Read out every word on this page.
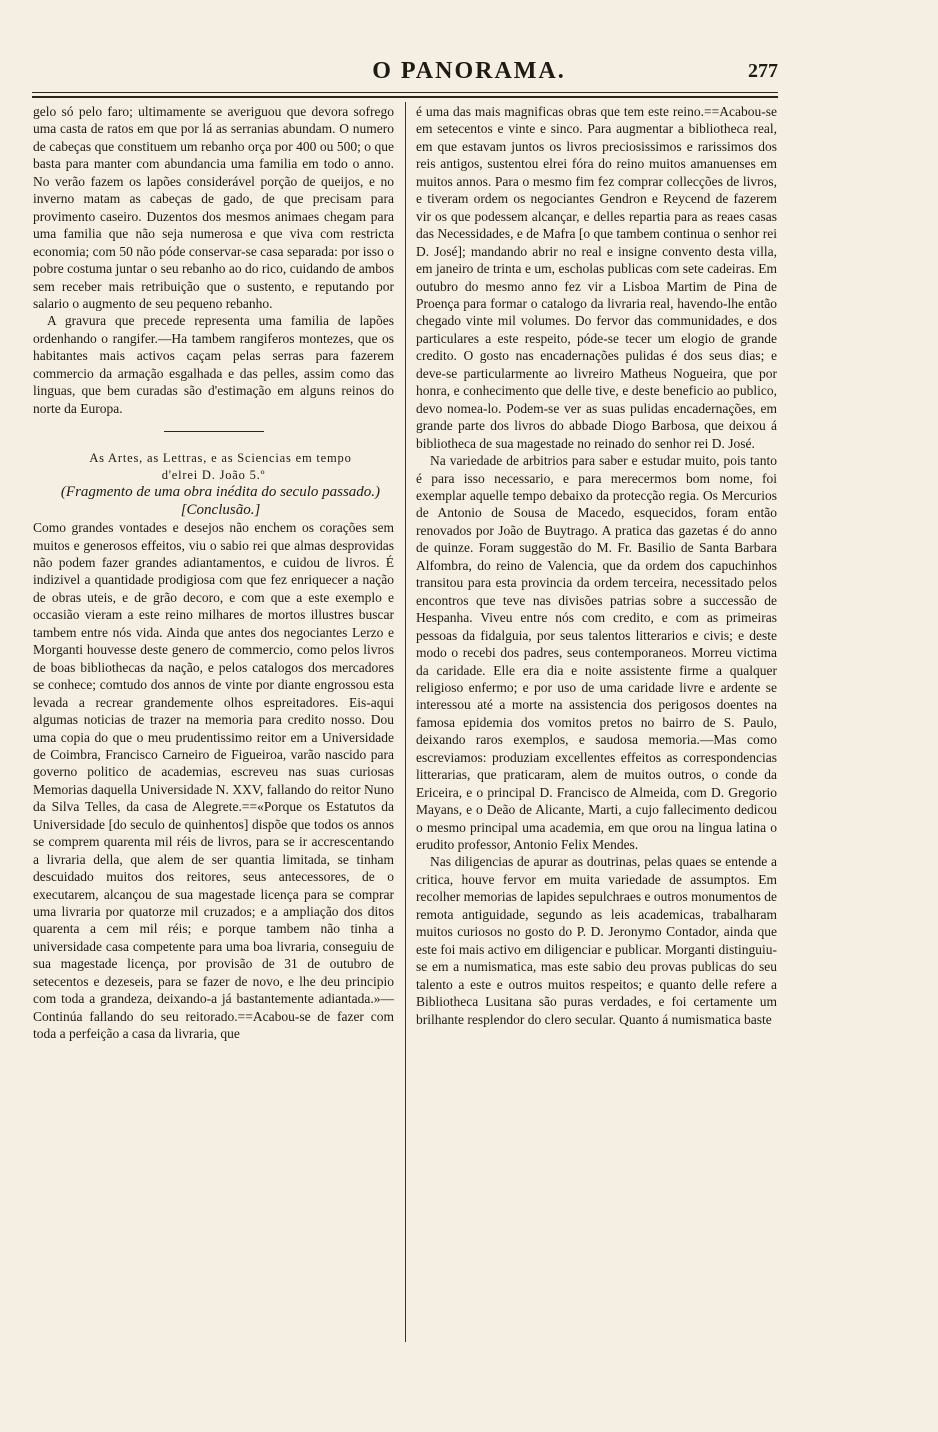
O PANORAMA.	277

gelo só pelo faro; ultimamente se averiguou que devora sofrego uma casta de ratos em que por lá as serranias abundam. O numero de cabeças que constituem um rebanho orça por 400 ou 500; o que basta para manter com abundancia uma familia em todo o anno. No verão fazem os lapões considerável porção de queijos, e no inverno matam as cabeças de gado, de que precisam para provimento caseiro. Duzentos dos mesmos animaes chegam para uma familia que não seja numerosa e que viva com restricta economia; com 50 não póde conservar-se casa separada: por isso o pobre costuma juntar o seu rebanho ao do rico, cuidando de ambos sem receber mais retribuição que o sustento, e reputando por salario o augmento de seu pequeno rebanho.

A gravura que precede representa uma familia de lapões ordenhando o rangifer.—Ha tambem rangiferos montezes, que os habitantes mais activos caçam pelas serras para fazerem commercio da armação esgalhada e das pelles, assim como das linguas, que bem curadas são d'estimação em alguns reinos do norte da Europa.

As Artes, as Lettras, e as Sciencias em tempo
d'elrei D. João 5.º

(Fragmento de uma obra inédita do seculo passado.)

[Conclusão.]

Como grandes vontades e desejos não enchem os corações sem muitos e generosos effeitos, viu o sabio rei que almas desprovidas não podem fazer grandes adiantamentos, e cuidou de livros. É indizivel a quantidade prodigiosa com que fez enriquecer a nação de obras uteis, e de grão decoro, e com que a este exemplo e occasião vieram a este reino milhares de mortos illustres buscar tambem entre nós vida. Ainda que antes dos negociantes Lerzo e Morganti houvesse deste genero de commercio, como pelos livros de boas bibliothecas da nação, e pelos catalogos dos mercadores se conhece; comtudo dos annos de vinte por diante engrossou esta levada a recrear grandemente olhos espreitadores. Eis-aqui algumas noticias de trazer na memoria para credito nosso. Dou uma copia do que o meu prudentissimo reitor em a Universidade de Coimbra, Francisco Carneiro de Figueiroa, varão nascido para governo politico de academias, escreveu nas suas curiosas Memorias daquella Universidade N. XXV, fallando do reitor Nuno da Silva Telles, da casa de Alegrete.==«Porque os Estatutos da Universidade [do seculo de quinhentos] dispõe que todos os annos se comprem quarenta mil réis de livros, para se ir accrescentando a livraria della, que alem de ser quantia limitada, se tinham descuidado muitos dos reitores, seus antecessores, de o executarem, alcançou de sua magestade licença para se comprar uma livraria por quatorze mil cruzados; e a ampliação dos ditos quarenta a cem mil réis; e porque tambem não tinha a universidade casa competente para uma boa livraria, conseguiu de sua magestade licença, por provisão de 31 de outubro de setecentos e dezeseis, para se fazer de novo, e lhe deu principio com toda a grandeza, deixando-a já bastantemente adiantada.»—Continúa fallando do seu reitorado.==Acabou-se de fazer com toda a perfeição a casa da livraria, que

é uma das mais magnificas obras que tem este reino.==Acabou-se em setecentos e vinte e sinco. Para augmentar a bibliotheca real, em que estavam juntos os livros preciosissimos e rarissimos dos reis antigos, sustentou elrei fóra do reino muitos amanuenses em muitos annos. Para o mesmo fim fez comprar collecções de livros, e tiveram ordem os negociantes Gendron e Reycend de fazerem vir os que podessem alcançar, e delles repartia para as reaes casas das Necessidades, e de Mafra [o que tambem continua o senhor rei D. José]; mandando abrir no real e insigne convento desta villa, em janeiro de trinta e um, escholas publicas com sete cadeiras. Em outubro do mesmo anno fez vir a Lisboa Martim de Pina de Proença para formar o catalogo da livraria real, havendo-lhe então chegado vinte mil volumes. Do fervor das communidades, e dos particulares a este respeito, póde-se tecer um elogio de grande credito. O gosto nas encadernações pulidas é dos seus dias; e deve-se particularmente ao livreiro Matheus Nogueira, que por honra, e conhecimento que delle tive, e deste beneficio ao publico, devo nomea-lo. Podem-se ver as suas pulidas encadernações, em grande parte dos livros do abbade Diogo Barbosa, que deixou á bibliotheca de sua magestade no reinado do senhor rei D. José.

Na variedade de arbitrios para saber e estudar muito, pois tanto é para isso necessario, e para merecermos bom nome, foi exemplar aquelle tempo debaixo da protecção regia. Os Mercurios de Antonio de Sousa de Macedo, esquecidos, foram então renovados por João de Buytrago. A pratica das gazetas é do anno de quinze. Foram suggestão do M. Fr. Basilio de Santa Barbara Alfombra, do reino de Valencia, que da ordem dos capuchinhos transitou para esta provincia da ordem terceira, necessitado pelos encontros que teve nas divisões patrias sobre a successão de Hespanha. Viveu entre nós com credito, e com as primeiras pessoas da fidalguia, por seus talentos litterarios e civis; e deste modo o recebi dos padres, seus contemporaneos. Morreu victima da caridade. Elle era dia e noite assistente firme a qualquer religioso enfermo; e por uso de uma caridade livre e ardente se interessou até a morte na assistencia dos perigosos doentes na famosa epidemia dos vomitos pretos no bairro de S. Paulo, deixando raros exemplos, e saudosa memoria.—Mas como escreviamos: produziam excellentes effeitos as correspondencias litterarias, que praticaram, alem de muitos outros, o conde da Ericeira, e o principal D. Francisco de Almeida, com D. Gregorio Mayans, e o Deão de Alicante, Marti, a cujo fallecimento dedicou o mesmo principal uma academia, em que orou na lingua latina o erudito professor, Antonio Felix Mendes.

Nas diligencias de apurar as doutrinas, pelas quaes se entende a critica, houve fervor em muita variedade de assumptos. Em recolher memorias de lapides sepulchraes e outros monumentos de remota antiguidade, segundo as leis academicas, trabalharam muitos curiosos no gosto do P. D. Jeronymo Contador, ainda que este foi mais activo em diligenciar e publicar. Morganti distinguiu-se em a numismatica, mas este sabio deu provas publicas do seu talento a este e outros muitos respeitos; e quanto delle refere a Bibliotheca Lusitana são puras verdades, e foi certamente um brilhante resplendor do clero secular. Quanto á numismatica baste
